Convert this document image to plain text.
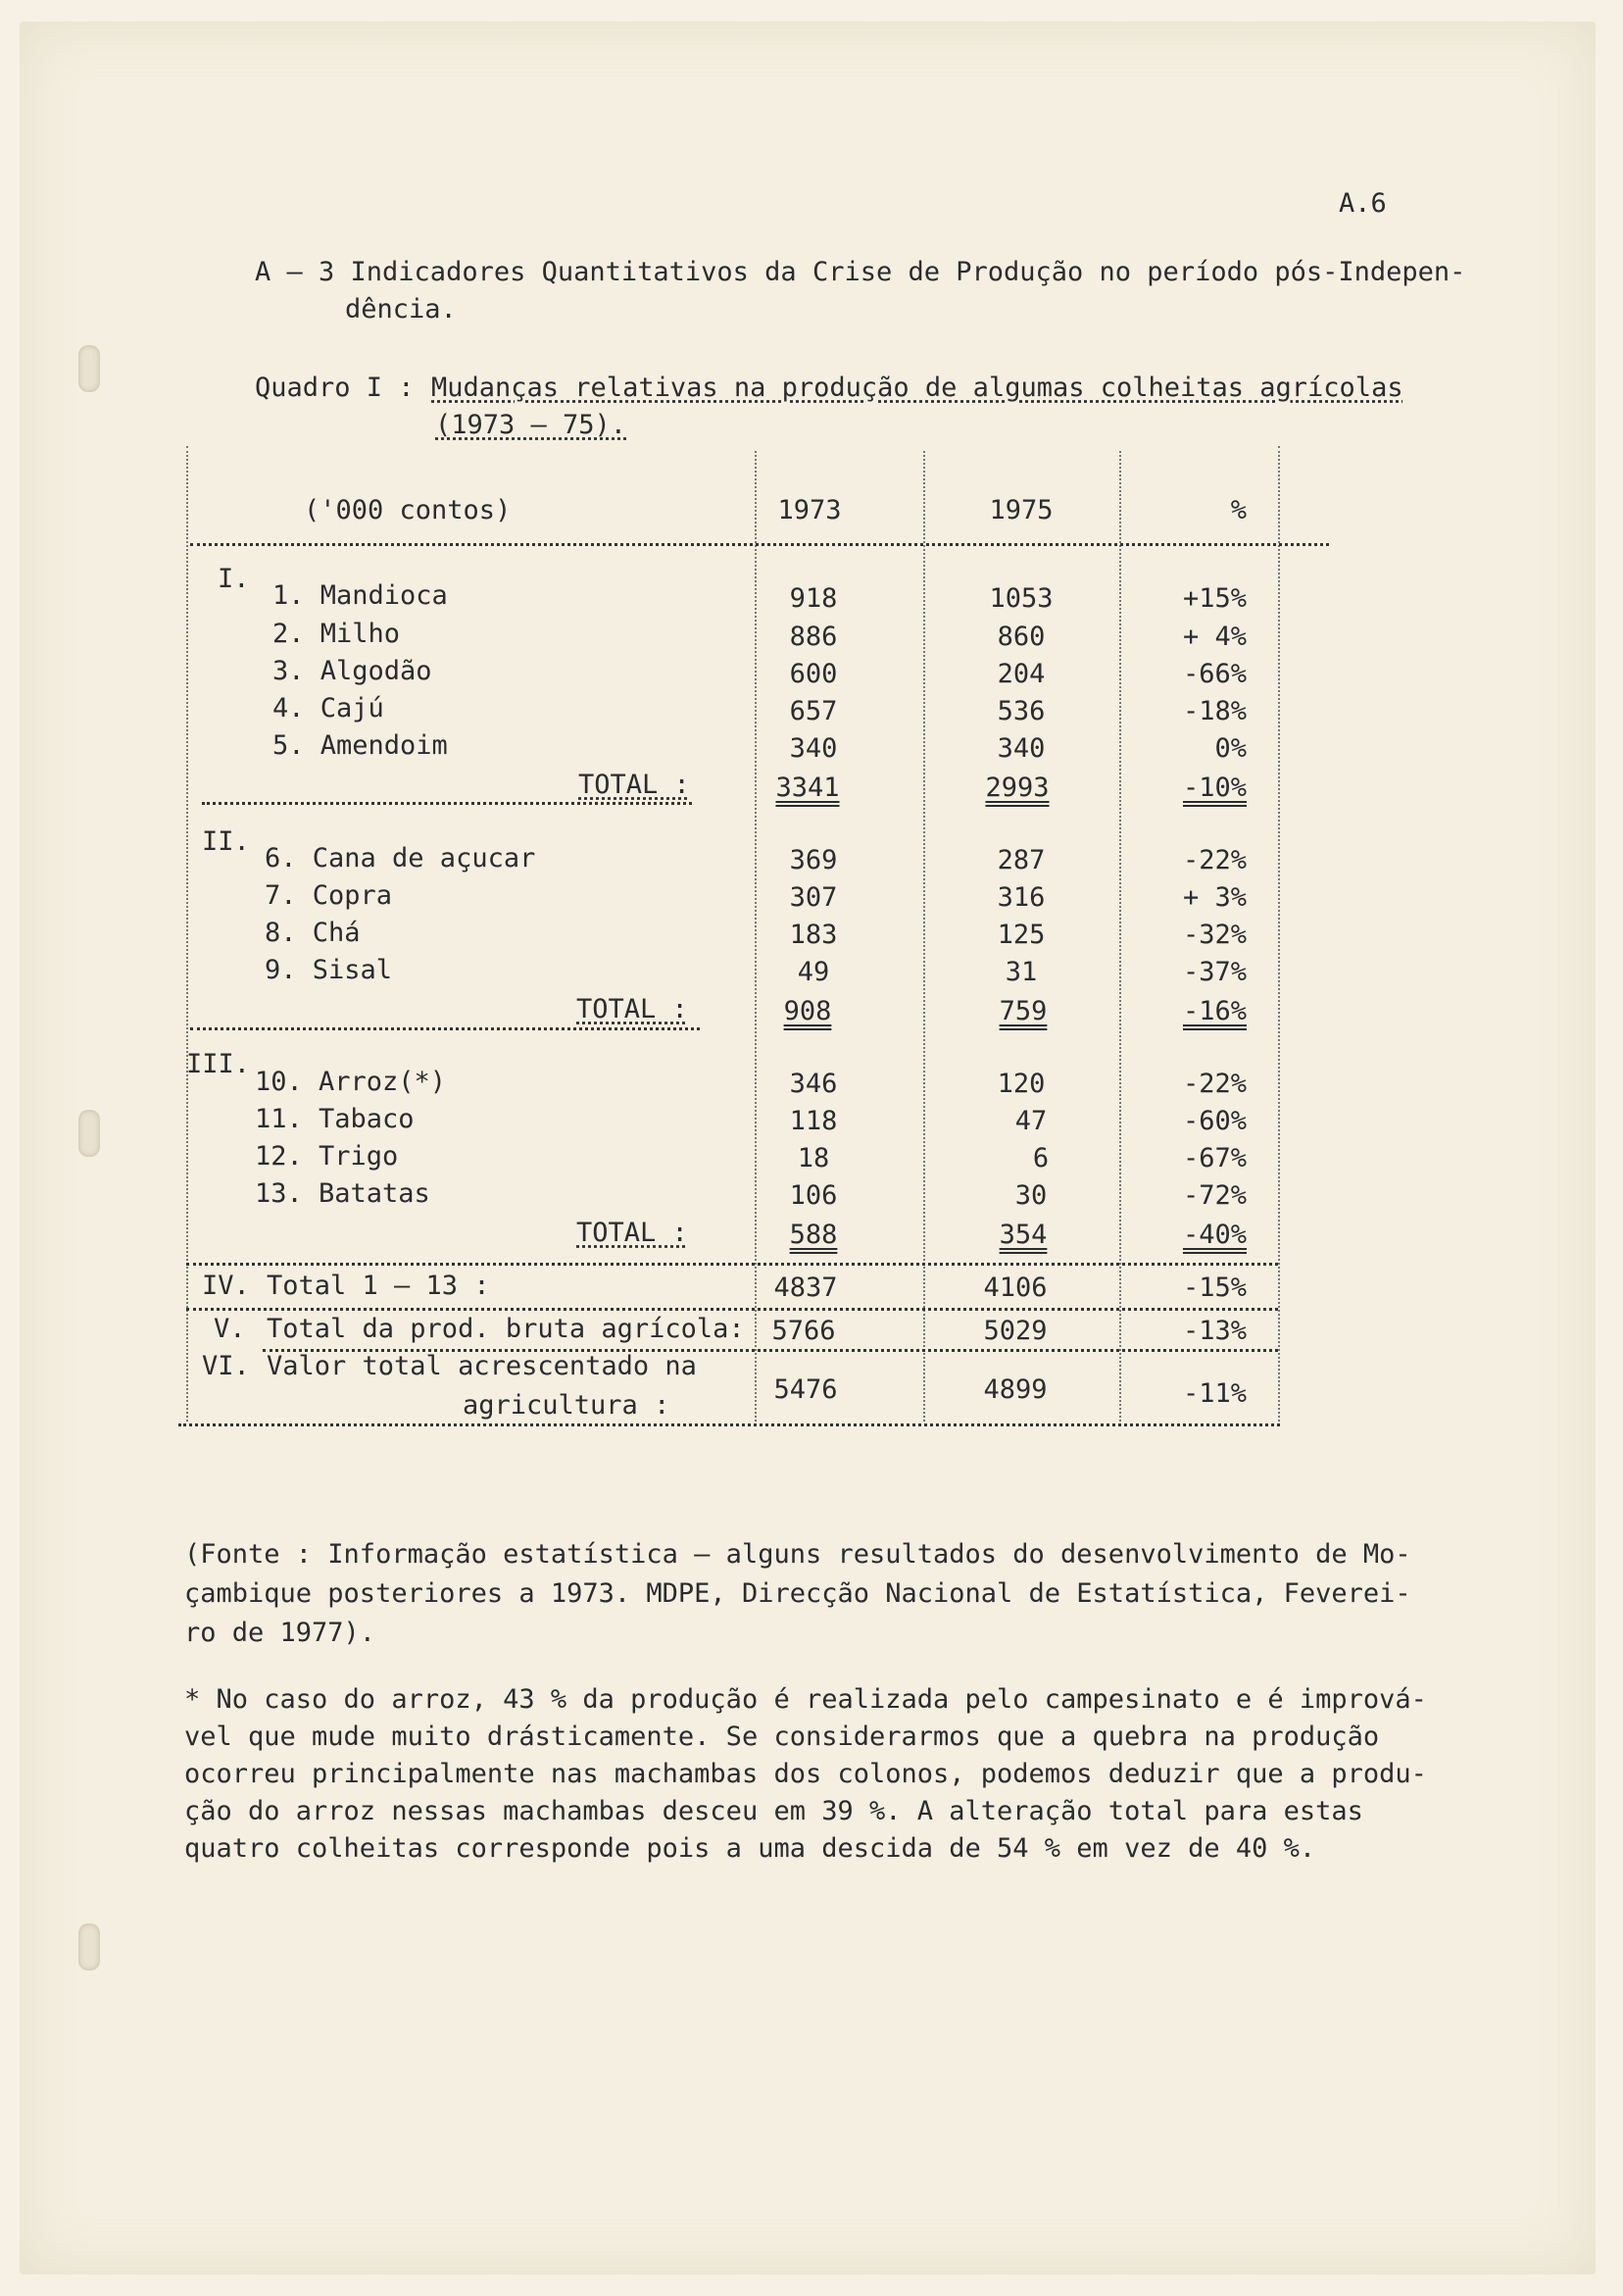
A.6
A – 3 Indicadores Quantitativos da Crise de Produção no período pós-Indepen-
dência.
Quadro I : Mudanças relativas na produção de algumas colheitas agrícolas
(1973 – 75).
('000 contos)	1973	1975	%
I.
1. Mandioca	918	1053	+15%
2. Milho	886	860	+ 4%
3. Algodão	600	204	-66%
4. Cajú	657	536	-18%
5. Amendoim	340	340	0%
TOTAL :	3341	2993	-10%
II.
6. Cana de açucar	369	287	-22%
7. Copra	307	316	+ 3%
8. Chá	183	125	-32%
9. Sisal	49	31	-37%
TOTAL :	908	759	-16%
III.
10. Arroz(*)	346	120	-22%
11. Tabaco	118	47	-60%
12. Trigo	18	6	-67%
13. Batatas	106	30	-72%
TOTAL :	588	354	-40%
IV. Total 1 – 13 :	4837	4106	-15%
V. Total da prod. bruta agrícola:	5766	5029	-13%
VI. Valor total acrescentado na
agricultura :
5476	4899	-11%
(Fonte : Informação estatística – alguns resultados do desenvolvimento de Mo-
çambique posteriores a 1973. MDPE, Direcção Nacional de Estatística, Feverei-
ro de 1977).
* No caso do arroz, 43 % da produção é realizada pelo campesinato e é imprová-
vel que mude muito drásticamente. Se considerarmos que a quebra na produção
ocorreu principalmente nas machambas dos colonos, podemos deduzir que a produ-
ção do arroz nessas machambas desceu em 39 %. A alteração total para estas
quatro colheitas corresponde pois a uma descida de 54 % em vez de 40 %.
